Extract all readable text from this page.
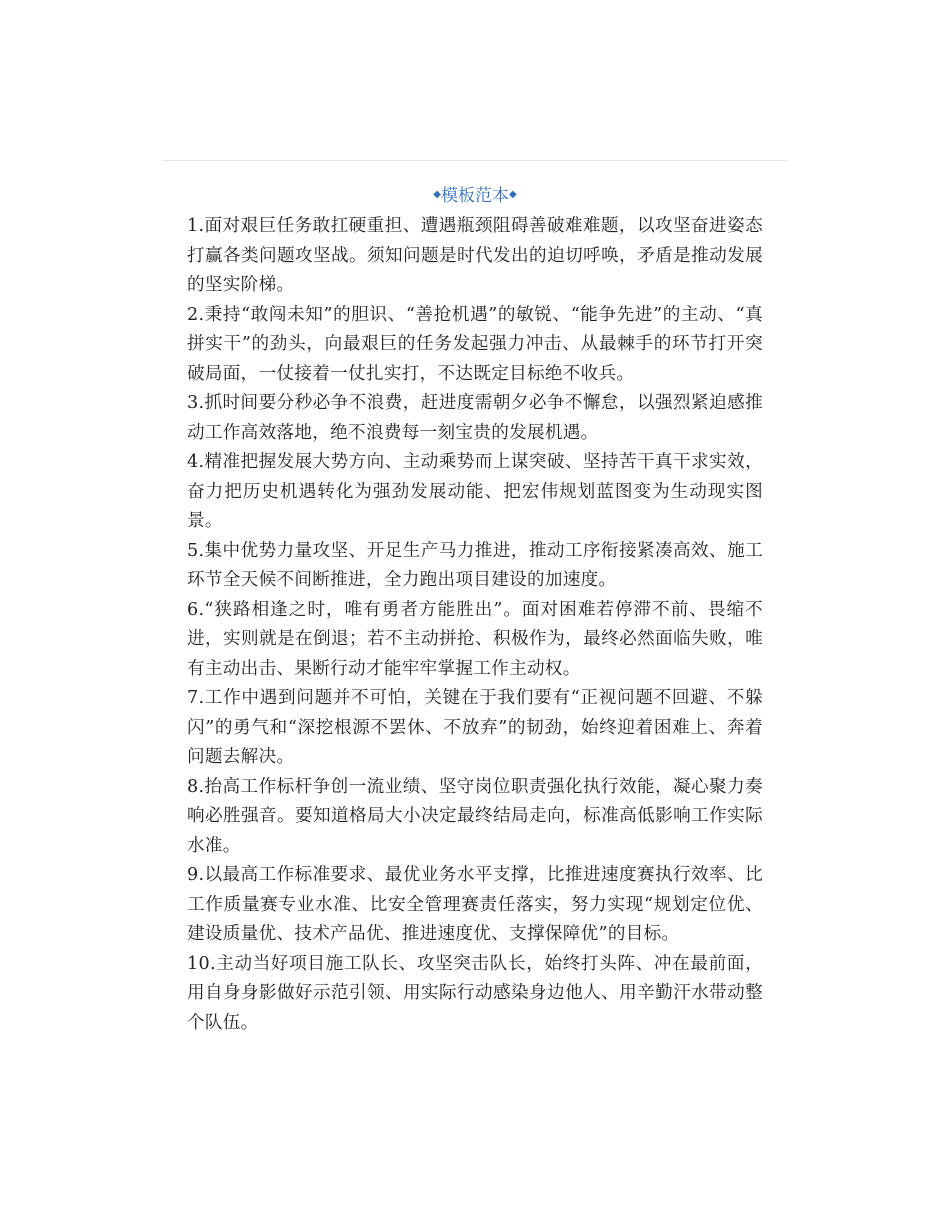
◆模板范本◆

1.面对艰巨任务敢扛硬重担、遭遇瓶颈阻碍善破难难题，以攻坚奋进姿态打赢各类问题攻坚战。须知问题是时代发出的迫切呼唤，矛盾是推动发展的坚实阶梯。

2.秉持“敢闯未知”的胆识、“善抢机遇”的敏锐、“能争先进”的主动、“真拼实干”的劲头，向最艰巨的任务发起强力冲击、从最棘手的环节打开突破局面，一仗接着一仗扎实打，不达既定目标绝不收兵。

3.抓时间要分秒必争不浪费，赶进度需朝夕必争不懈怠，以强烈紧迫感推动工作高效落地，绝不浪费每一刻宝贵的发展机遇。

4.精准把握发展大势方向、主动乘势而上谋突破、坚持苦干真干求实效，奋力把历史机遇转化为强劲发展动能、把宏伟规划蓝图变为生动现实图景。

5.集中优势力量攻坚、开足生产马力推进，推动工序衔接紧凑高效、施工环节全天候不间断推进，全力跑出项目建设的加速度。

6.“狭路相逢之时，唯有勇者方能胜出”。面对困难若停滞不前、畏缩不进，实则就是在倒退；若不主动拼抢、积极作为，最终必然面临失败，唯有主动出击、果断行动才能牢牢掌握工作主动权。

7.工作中遇到问题并不可怕，关键在于我们要有“正视问题不回避、不躲闪”的勇气和“深挖根源不罢休、不放弃”的韧劲，始终迎着困难上、奔着问题去解决。

8.抬高工作标杆争创一流业绩、坚守岗位职责强化执行效能，凝心聚力奏响必胜强音。要知道格局大小决定最终结局走向，标准高低影响工作实际水准。

9.以最高工作标准要求、最优业务水平支撑，比推进速度赛执行效率、比工作质量赛专业水准、比安全管理赛责任落实，努力实现“规划定位优、建设质量优、技术产品优、推进速度优、支撑保障优”的目标。

10.主动当好项目施工队长、攻坚突击队长，始终打头阵、冲在最前面，用自身身影做好示范引领、用实际行动感染身边他人、用辛勤汗水带动整个队伍。
